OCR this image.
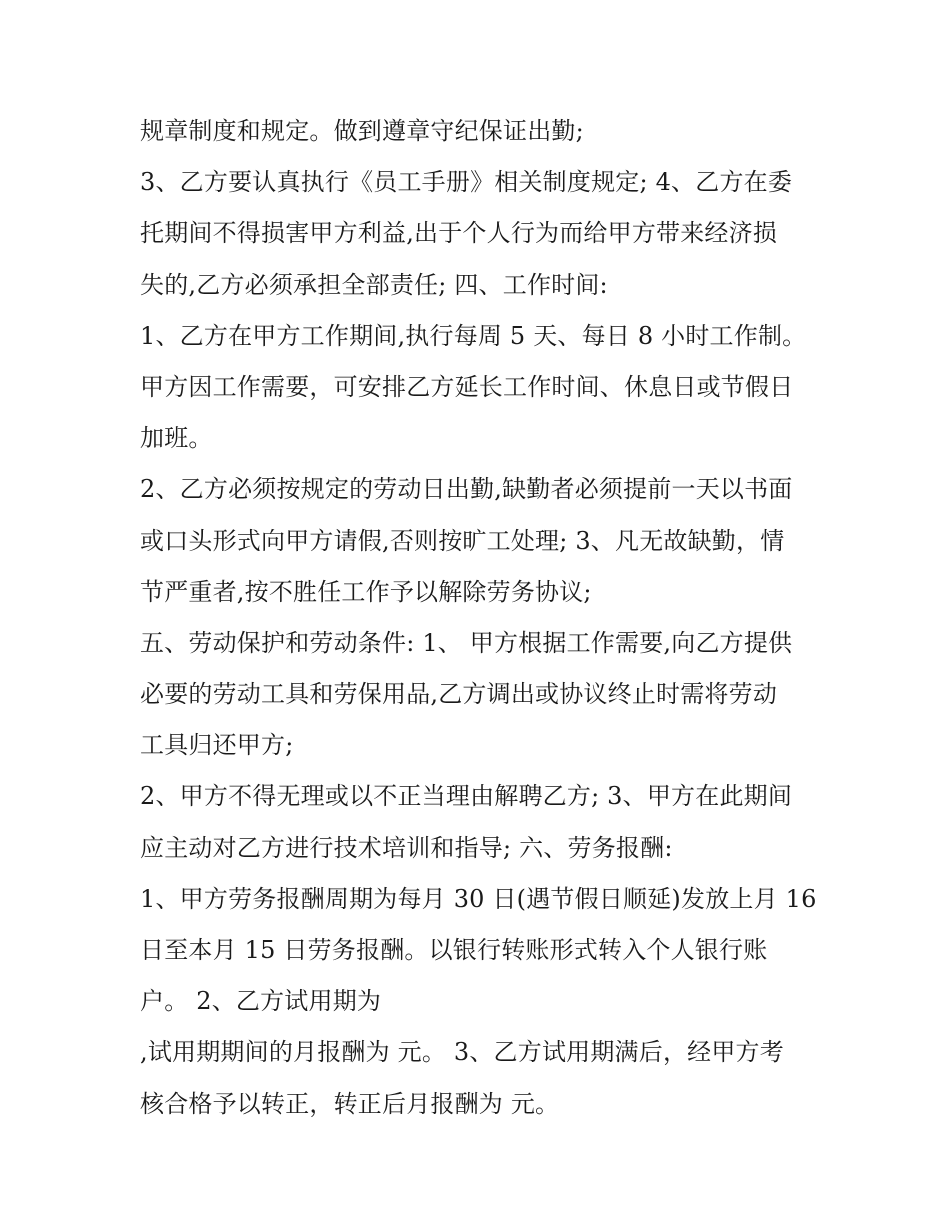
规章制度和规定。做到遵章守纪保证出勤;
3、乙方要认真执行《员工手册》相关制度规定; 4、乙方在委
托期间不得损害甲方利益,出于个人行为而给甲方带来经济损
失的,乙方必须承担全部责任; 四、工作时间:
1、乙方在甲方工作期间,执行每周 5 天、每日 8 小时工作制。
甲方因工作需要，可安排乙方延长工作时间、休息日或节假日
加班。
2、乙方必须按规定的劳动日出勤,缺勤者必须提前一天以书面
或口头形式向甲方请假,否则按旷工处理; 3、凡无故缺勤，情
节严重者,按不胜任工作予以解除劳务协议;
五、劳动保护和劳动条件: 1、 甲方根据工作需要,向乙方提供
必要的劳动工具和劳保用品,乙方调出或协议终止时需将劳动
工具归还甲方;
2、甲方不得无理或以不正当理由解聘乙方; 3、甲方在此期间
应主动对乙方进行技术培训和指导; 六、劳务报酬:
1、甲方劳务报酬周期为每月 30 日(遇节假日顺延)发放上月 16
日至本月 15 日劳务报酬。以银行转账形式转入个人银行账
户。 2、乙方试用期为
,试用期期间的月报酬为 元。 3、乙方试用期满后，经甲方考
核合格予以转正，转正后月报酬为 元。
